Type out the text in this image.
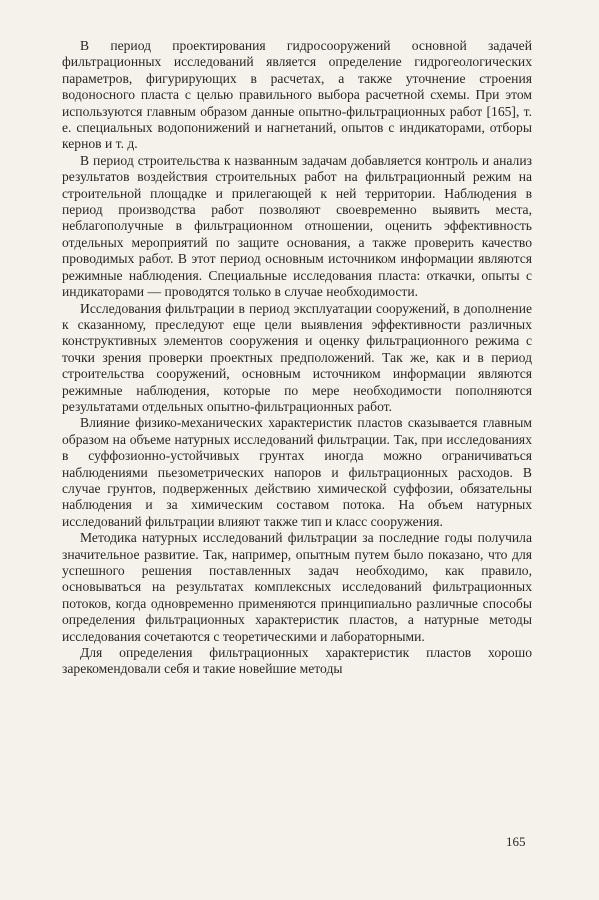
В период проектирования гидросооружений основной задачей фильтрационных исследований является определение гидрогеологических параметров, фигурирующих в расчетах, а также уточнение строения водоносного пласта с целью правильного выбора расчетной схемы. При этом используются главным образом данные опытно-фильтрационных работ [165], т. е. специальных водопонижений и нагнетаний, опытов с индикаторами, отборы кернов и т. д.

В период строительства к названным задачам добавляется контроль и анализ результатов воздействия строительных работ на фильтрационный режим на строительной площадке и прилегающей к ней территории. Наблюдения в период производства работ позволяют своевременно выявить места, неблагополучные в фильтрационном отношении, оценить эффективность отдельных мероприятий по защите основания, а также проверить качество проводимых работ. В этот период основным источником информации являются режимные наблюдения. Специальные исследования пласта: откачки, опыты с индикаторами — проводятся только в случае необходимости.

Исследования фильтрации в период эксплуатации сооружений, в дополнение к сказанному, преследуют еще цели выявления эффективности различных конструктивных элементов сооружения и оценку фильтрационного режима с точки зрения проверки проектных предположений. Так же, как и в период строительства сооружений, основным источником информации являются режимные наблюдения, которые по мере необходимости пополняются результатами отдельных опытно-фильтрационных работ.

Влияние физико-механических характеристик пластов сказывается главным образом на объеме натурных исследований фильтрации. Так, при исследованиях в суффозионно-устойчивых грунтах иногда можно ограничиваться наблюдениями пьезометрических напоров и фильтрационных расходов. В случае грунтов, подверженных действию химической суффозии, обязательны наблюдения и за химическим составом потока. На объем натурных исследований фильтрации влияют также тип и класс сооружения.

Методика натурных исследований фильтрации за последние годы получила значительное развитие. Так, например, опытным путем было показано, что для успешного решения поставленных задач необходимо, как правило, основываться на результатах комплексных исследований фильтрационных потоков, когда одновременно применяются принципиально различные способы определения фильтрационных характеристик пластов, а натурные методы исследования сочетаются с теоретическими и лабораторными.

Для определения фильтрационных характеристик пластов хорошо зарекомендовали себя и такие новейшие методы

165
